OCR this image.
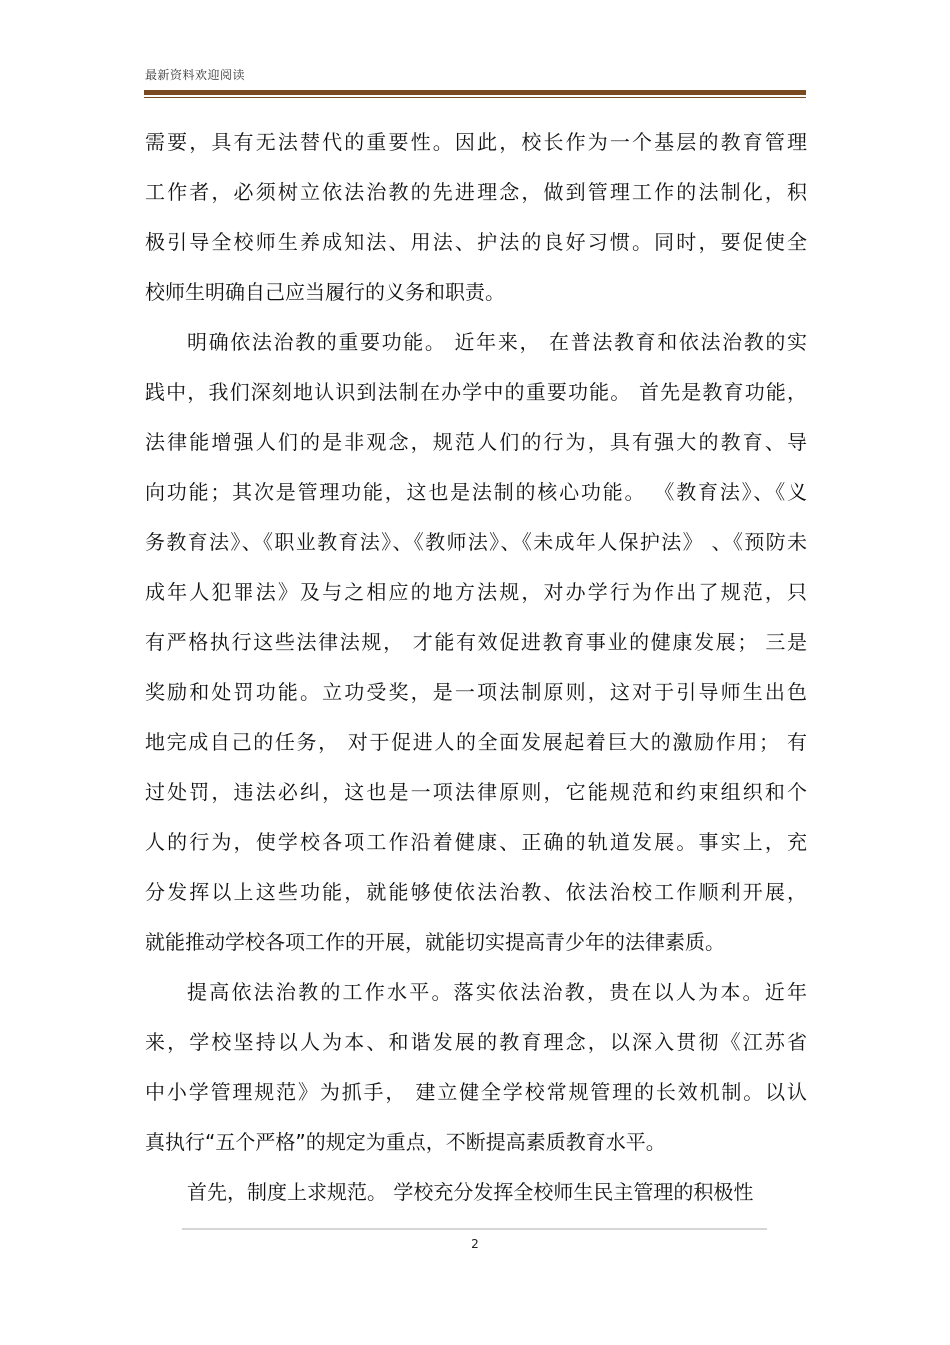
最新资料欢迎阅读
需要，具有无法替代的重要性。因此，校长作为一个基层的教育管理
工作者，必须树立依法治教的先进理念，做到管理工作的法制化，积
极引导全校师生养成知法、用法、护法的良好习惯。同时，要促使全
校师生明确自己应当履行的义务和职责。
明确依法治教的重要功能。 近年来， 在普法教育和依法治教的实
践中，我们深刻地认识到法制在办学中的重要功能。 首先是教育功能，
法律能增强人们的是非观念，规范人们的行为，具有强大的教育、导
向功能；其次是管理功能，这也是法制的核心功能。 《教育法》、《义
务教育法》、《职业教育法》、《教师法》、《未成年人保护法》 、《预防未
成年人犯罪法》及与之相应的地方法规，对办学行为作出了规范，只
有严格执行这些法律法规， 才能有效促进教育事业的健康发展； 三是
奖励和处罚功能。立功受奖，是一项法制原则，这对于引导师生出色
地完成自己的任务， 对于促进人的全面发展起着巨大的激励作用； 有
过处罚，违法必纠，这也是一项法律原则，它能规范和约束组织和个
人的行为，使学校各项工作沿着健康、正确的轨道发展。事实上，充
分发挥以上这些功能，就能够使依法治教、依法治校工作顺利开展，
就能推动学校各项工作的开展，就能切实提高青少年的法律素质。
提高依法治教的工作水平。落实依法治教，贵在以人为本。近年
来，学校坚持以人为本、和谐发展的教育理念，以深入贯彻《江苏省
中小学管理规范》为抓手， 建立健全学校常规管理的长效机制。以认
真执行“五个严格”的规定为重点，不断提高素质教育水平。
首先，制度上求规范。 学校充分发挥全校师生民主管理的积极性
2
